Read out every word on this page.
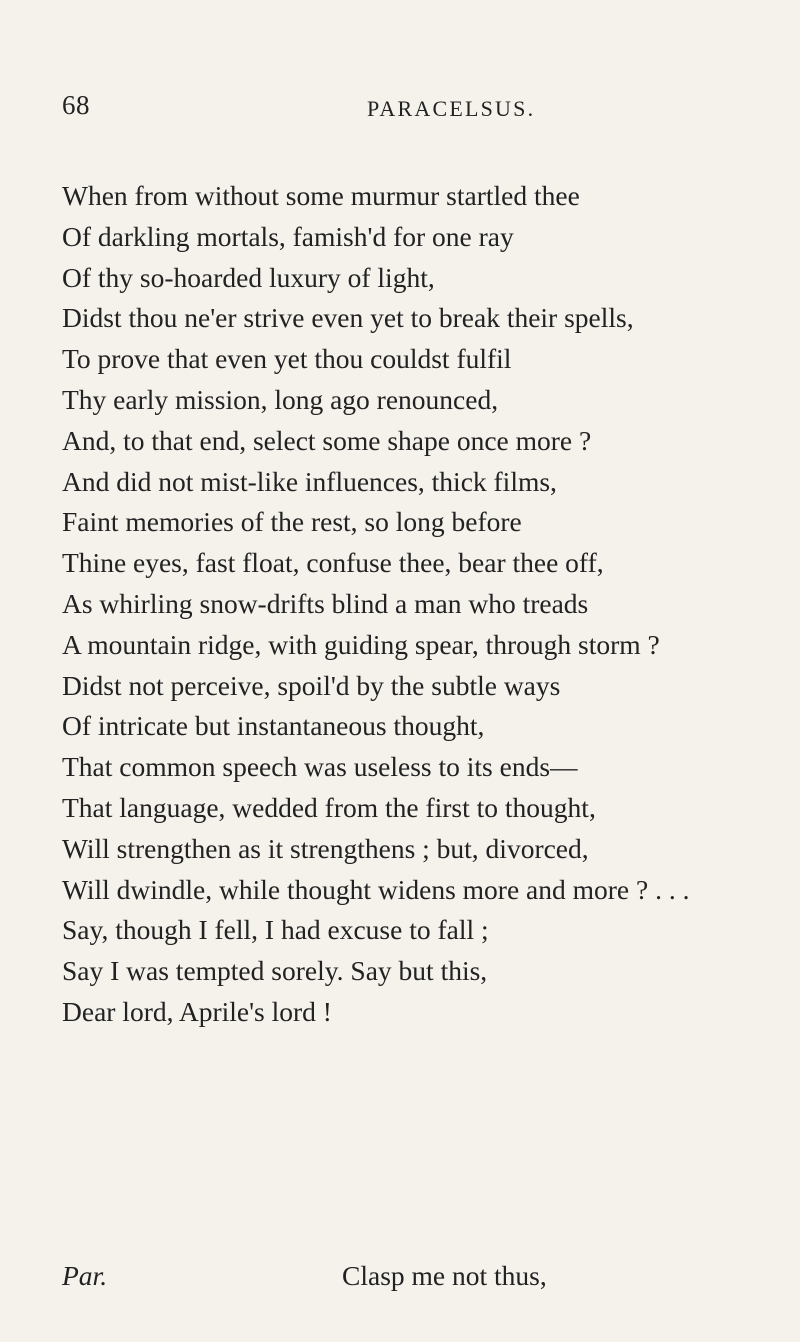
68	PARACELSUS.
When from without some murmur startled thee
Of darkling mortals, famish'd for one ray
Of thy so-hoarded luxury of light,
Didst thou ne'er strive even yet to break their spells,
To prove that even yet thou couldst fulfil
Thy early mission, long ago renounced,
And, to that end, select some shape once more ?
And did not mist-like influences, thick films,
Faint memories of the rest, so long before
Thine eyes, fast float, confuse thee, bear thee off,
As whirling snow-drifts blind a man who treads
A mountain ridge, with guiding spear, through storm ?
Didst not perceive, spoil'd by the subtle ways
Of intricate but instantaneous thought,
That common speech was useless to its ends—
That language, wedded from the first to thought,
Will strengthen as it strengthens ; but, divorced,
Will dwindle, while thought widens more and more ? . . .
Say, though I fell, I had excuse to fall ;
Say I was tempted sorely. Say but this,
Dear lord, Aprile's lord !
Par.	Clasp me not thus,
